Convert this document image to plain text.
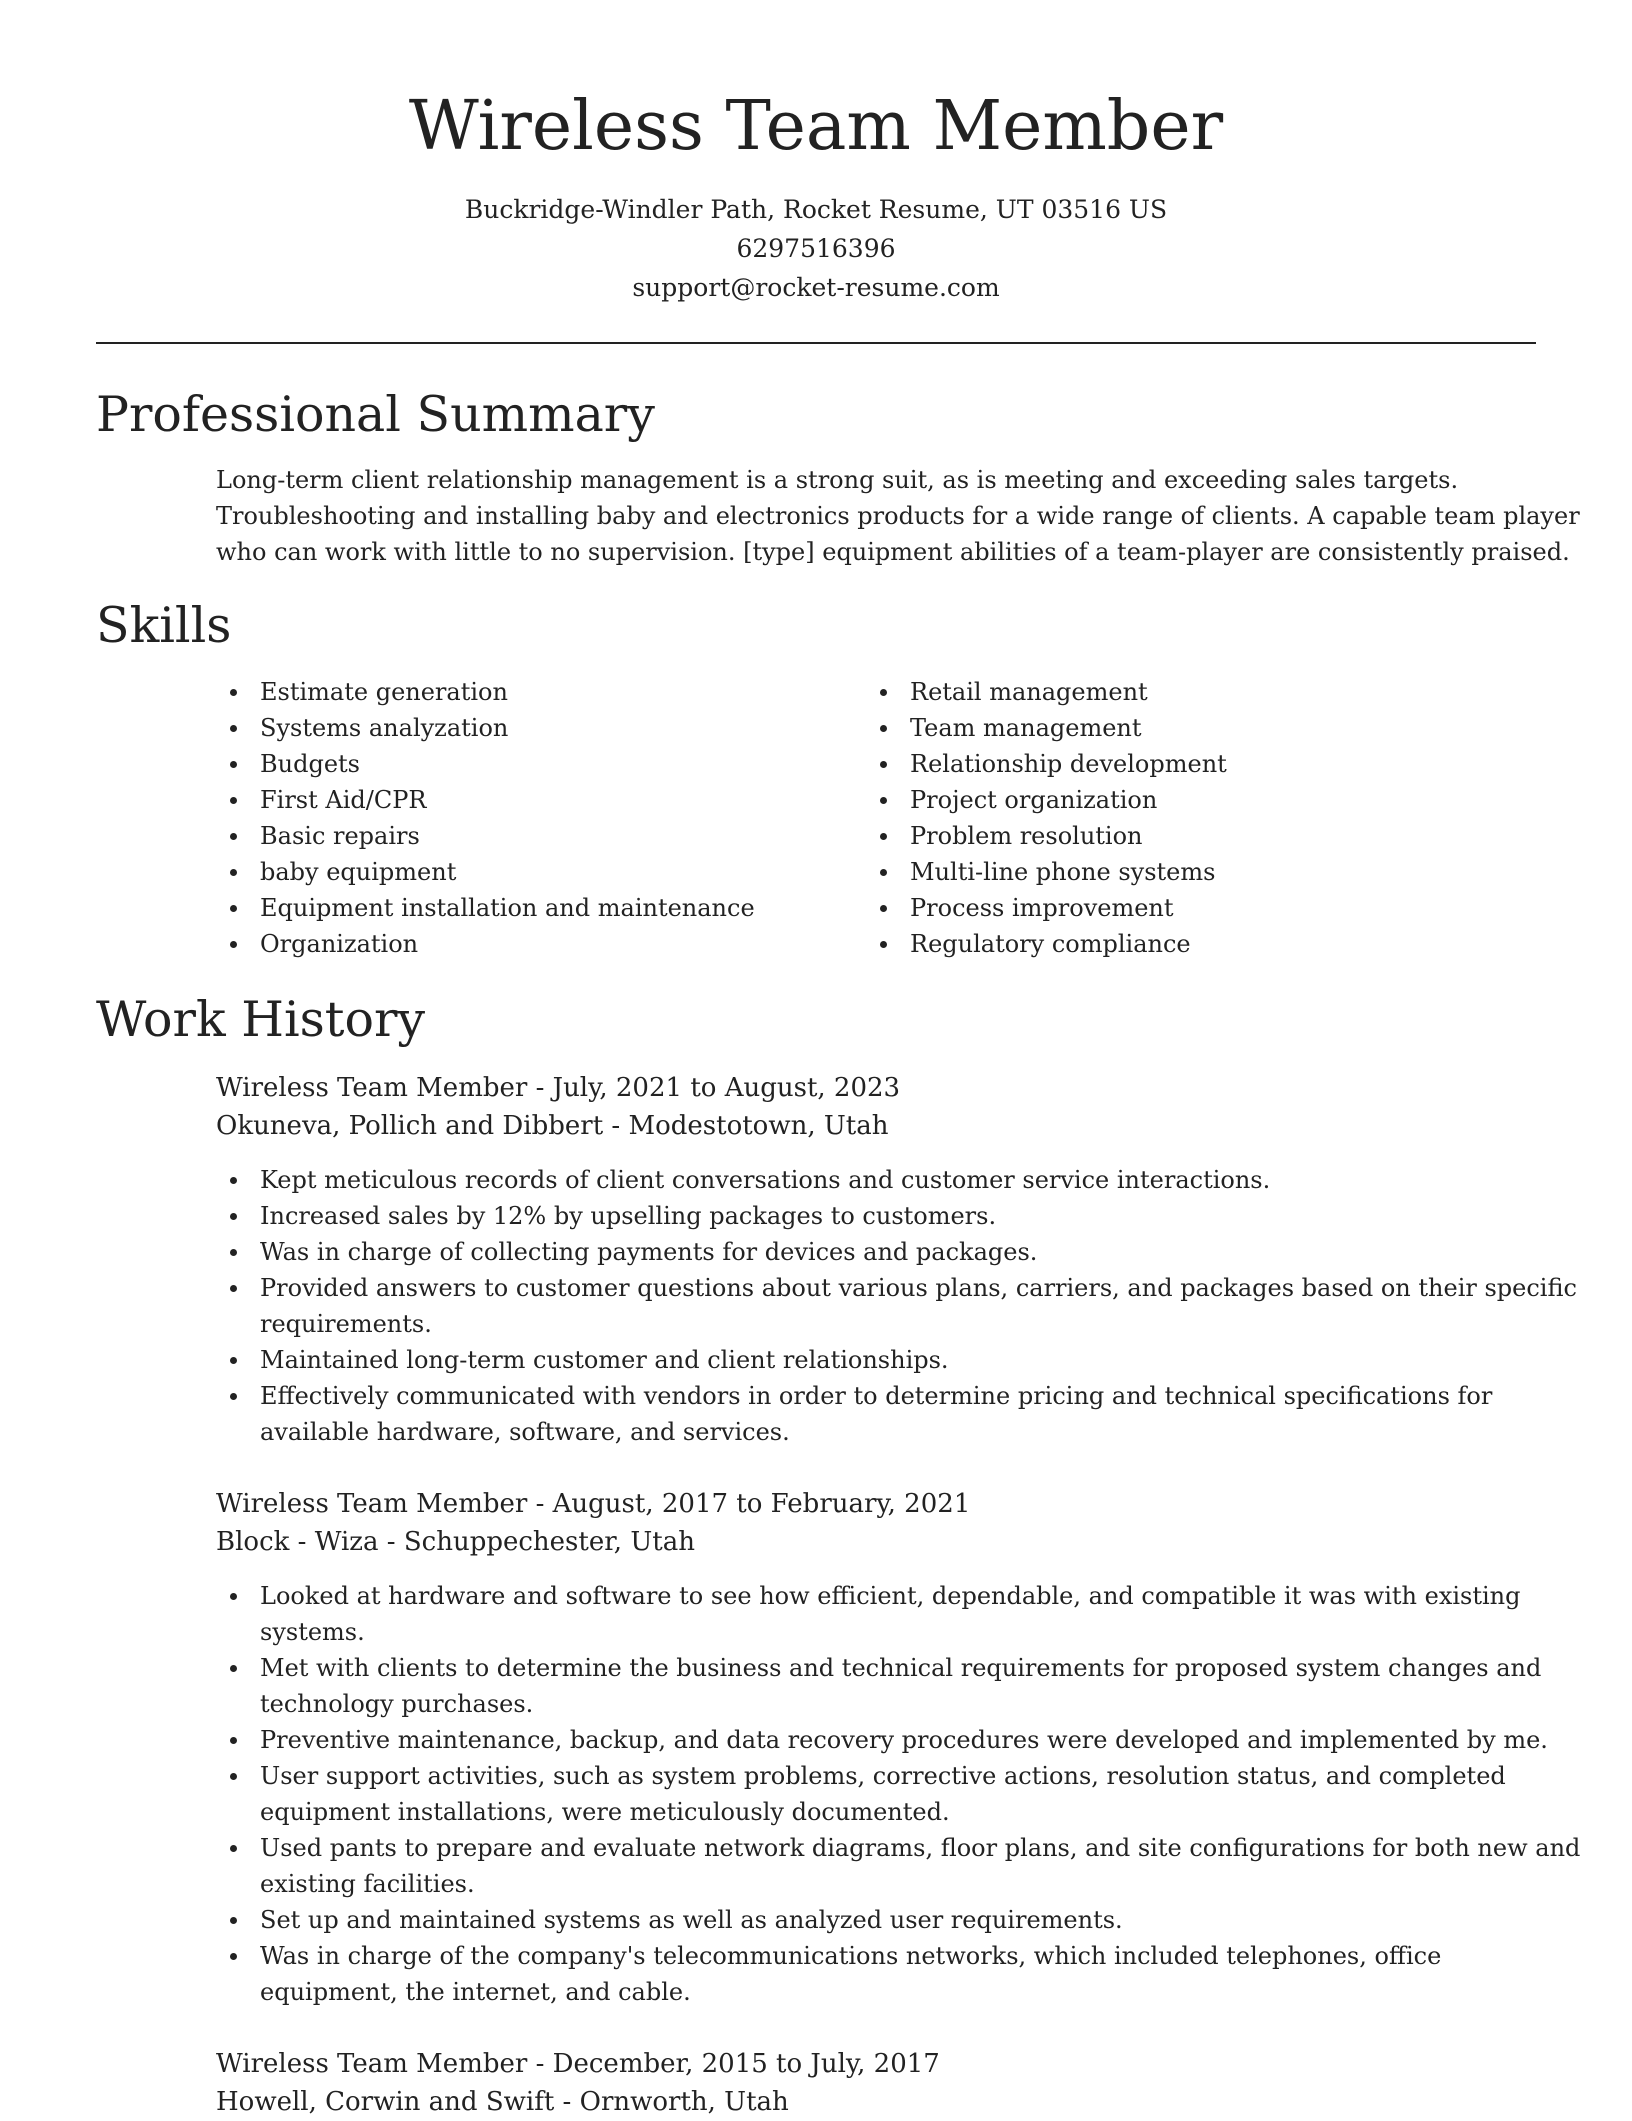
Wireless Team Member
Buckridge-Windler Path, Rocket Resume, UT 03516 US
6297516396
support@rocket-resume.com
Professional Summary
Long-term client relationship management is a strong suit, as is meeting and exceeding sales targets.
Troubleshooting and installing baby and electronics products for a wide range of clients. A capable team player
who can work with little to no supervision. [type] equipment abilities of a team-player are consistently praised.
Skills
Estimate generation
Systems analyzation
Budgets
First Aid/CPR
Basic repairs
baby equipment
Equipment installation and maintenance
Organization
Retail management
Team management
Relationship development
Project organization
Problem resolution
Multi-line phone systems
Process improvement
Regulatory compliance
Work History
Wireless Team Member - July, 2021 to August, 2023
Okuneva, Pollich and Dibbert - Modestotown, Utah
Kept meticulous records of client conversations and customer service interactions.
Increased sales by 12% by upselling packages to customers.
Was in charge of collecting payments for devices and packages.
Provided answers to customer questions about various plans, carriers, and packages based on their specific
requirements.
Maintained long-term customer and client relationships.
Effectively communicated with vendors in order to determine pricing and technical specifications for
available hardware, software, and services.
Wireless Team Member - August, 2017 to February, 2021
Block - Wiza - Schuppechester, Utah
Looked at hardware and software to see how efficient, dependable, and compatible it was with existing
systems.
Met with clients to determine the business and technical requirements for proposed system changes and
technology purchases.
Preventive maintenance, backup, and data recovery procedures were developed and implemented by me.
User support activities, such as system problems, corrective actions, resolution status, and completed
equipment installations, were meticulously documented.
Used pants to prepare and evaluate network diagrams, floor plans, and site configurations for both new and
existing facilities.
Set up and maintained systems as well as analyzed user requirements.
Was in charge of the company's telecommunications networks, which included telephones, office
equipment, the internet, and cable.
Wireless Team Member - December, 2015 to July, 2017
Howell, Corwin and Swift - Ornworth, Utah
